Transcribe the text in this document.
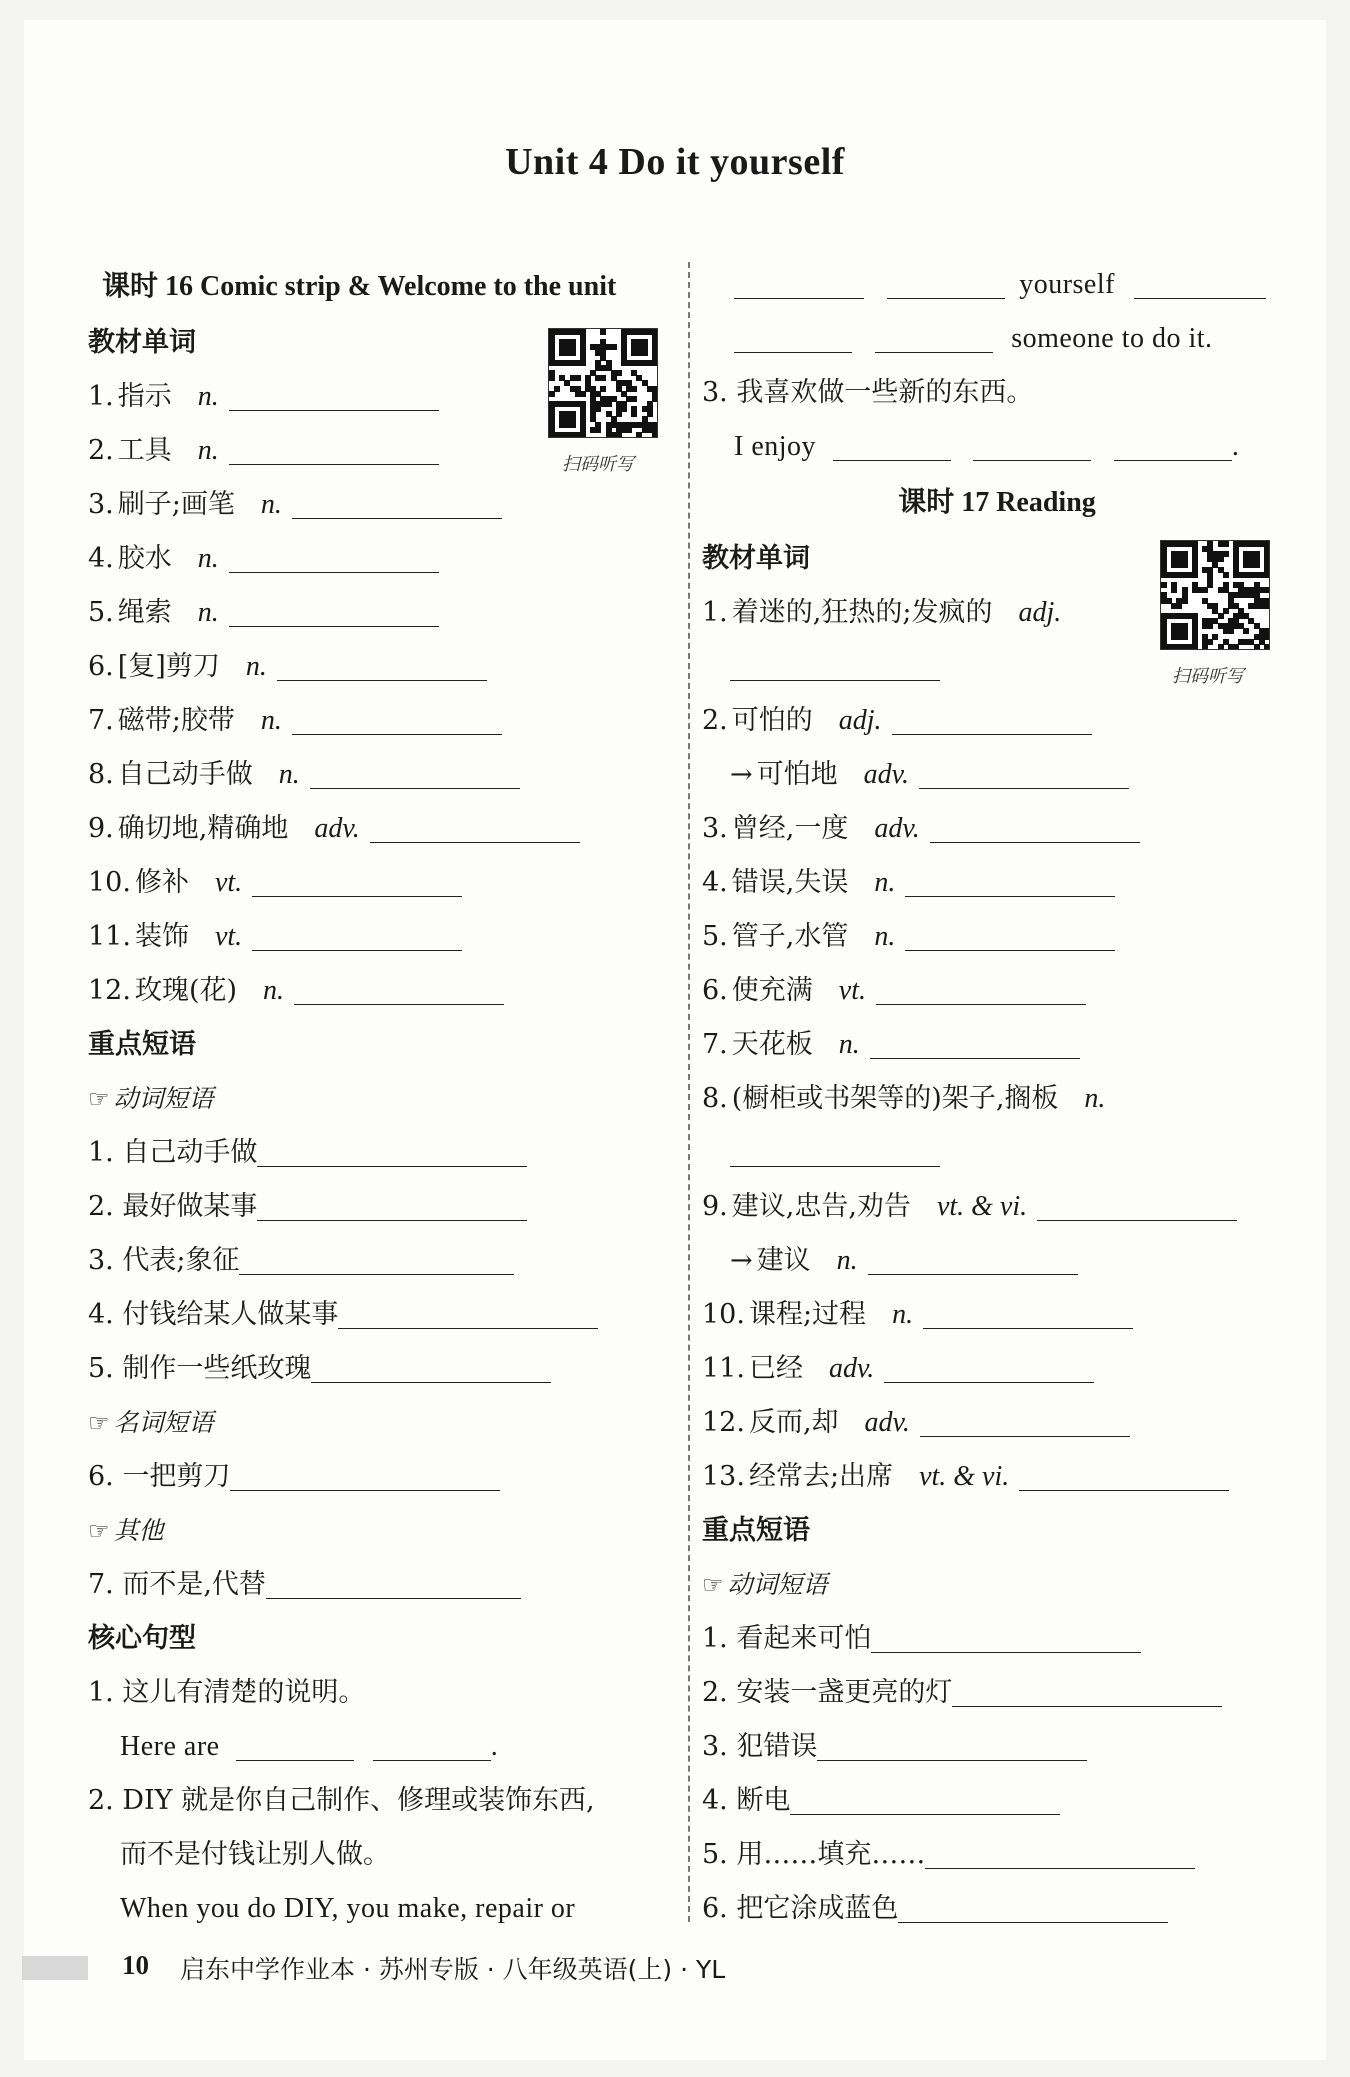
Unit 4 Do it yourself
课时 16 Comic strip & Welcome to the unit
教材单词
1. 指示 n.
2. 工具 n.
3. 刷子;画笔 n.
4. 胶水 n.
5. 绳索 n.
6. [复]剪刀 n.
7. 磁带;胶带 n.
8. 自己动手做 n.
9. 确切地,精确地 adv.
10. 修补 vt.
11. 装饰 vt.
12. 玫瑰(花) n.
重点短语
☞ 动词短语
1. 自己动手做
2. 最好做某事
3. 代表;象征
4. 付钱给某人做某事
5. 制作一些纸玫瑰
☞ 名词短语
6. 一把剪刀
☞ 其他
7. 而不是,代替
核心句型
1. 这儿有清楚的说明。
Here are	.
2. DIY 就是你自己制作、修理或装饰东西,
而不是付钱让别人做。
When you do DIY, you make, repair or
扫码听写
yourself
someone to do it.
3. 我喜欢做一些新的东西。
I enjoy	.
课时 17 Reading
教材单词
1. 着迷的,狂热的;发疯的 adj.
2. 可怕的 adj.
→ 可怕地 adv.
3. 曾经,一度 adv.
4. 错误,失误 n.
5. 管子,水管 n.
6. 使充满 vt.
7. 天花板 n.
8. (橱柜或书架等的)架子,搁板 n.
9. 建议,忠告,劝告 vt. & vi.
→ 建议 n.
10. 课程;过程 n.
11. 已经 adv.
12. 反而,却 adv.
13. 经常去;出席 vt. & vi.
重点短语
☞ 动词短语
1. 看起来可怕
2. 安装一盏更亮的灯
3. 犯错误
4. 断电
5. 用……填充……
6. 把它涂成蓝色
扫码听写
10 启东中学作业本 · 苏州专版 · 八年级英语(上) · YL
